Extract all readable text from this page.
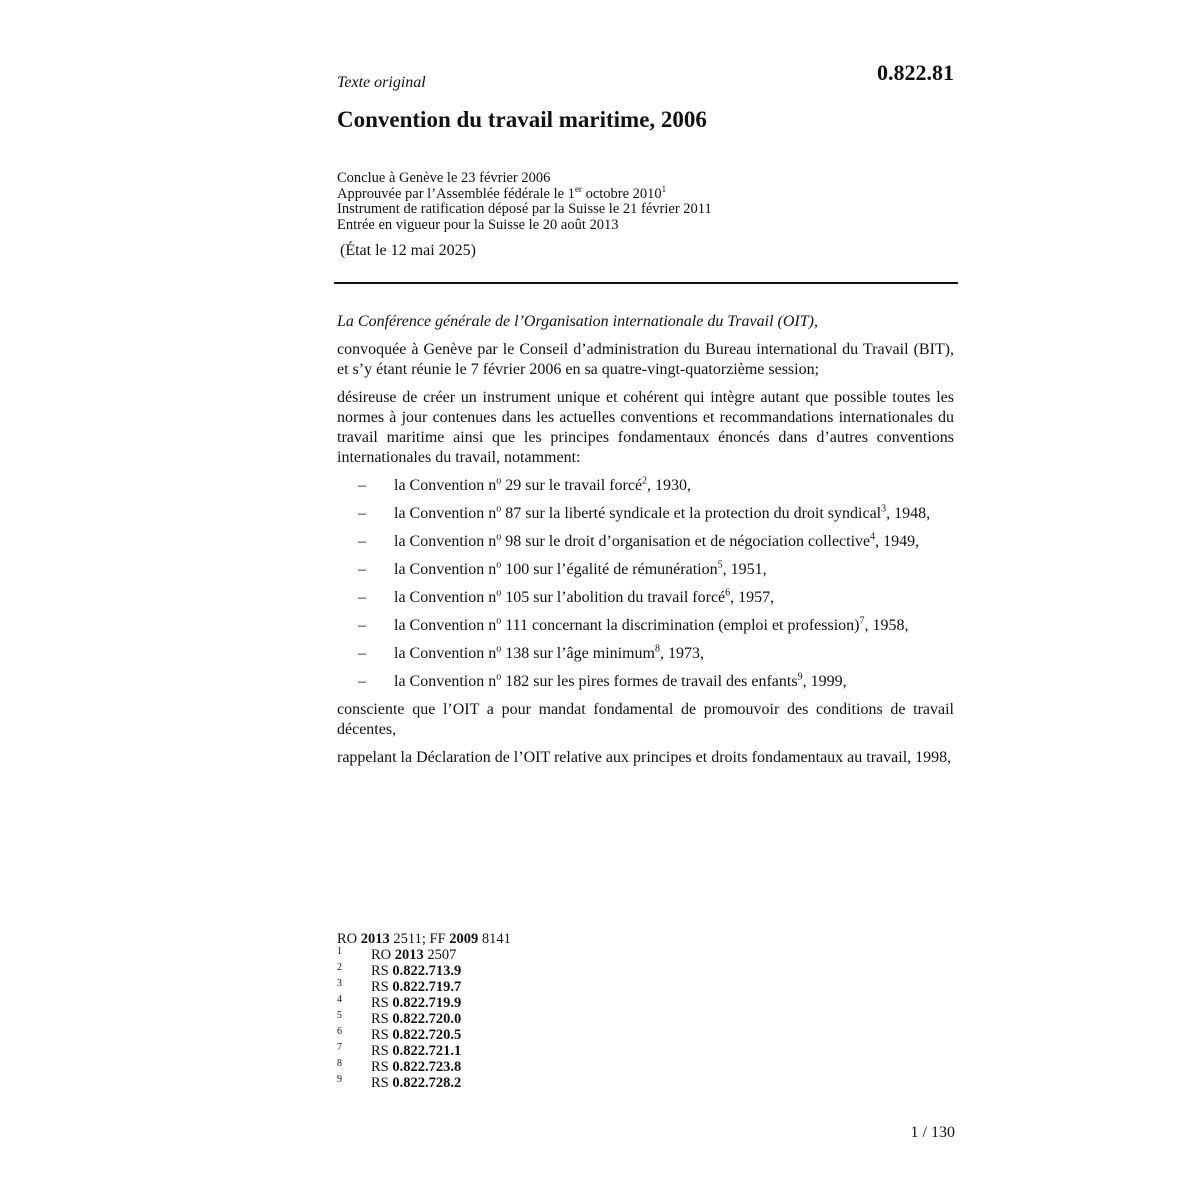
Texte original	0.822.81
Convention du travail maritime, 2006
Conclue à Genève le 23 février 2006
Approuvée par l’Assemblée fédérale le 1er octobre 2010$^1$
Instrument de ratification déposé par la Suisse le 21 février 2011
Entrée en vigueur pour la Suisse le 20 août 2013
(État le 12 mai 2025)

La Conférence générale de l’Organisation internationale du Travail (OIT),

convoquée à Genève par le Conseil d’administration du Bureau international du Travail (BIT), et s’y étant réunie le 7 février 2006 en sa quatre-vingt-quatorzième session;

désireuse de créer un instrument unique et cohérent qui intègre autant que possible toutes les normes à jour contenues dans les actuelles conventions et recommandations internationales du travail maritime ainsi que les principes fondamentaux énoncés dans d’autres conventions internationales du travail, notamment:

– la Convention $n^o$ 29 sur le travail forcé$^2$, 1930,
– la Convention $n^o$ 87 sur la liberté syndicale et la protection du droit syndical$^3$, 1948,
– la Convention $n^o$ 98 sur le droit d’organisation et de négociation collective$^4$, 1949,
– la Convention $n^o$ 100 sur l’égalité de rémunération$^5$, 1951,
– la Convention $n^o$ 105 sur l’abolition du travail forcé$^6$, 1957,
– la Convention $n^o$ 111 concernant la discrimination (emploi et profession)$^7$, 1958,
– la Convention $n^o$ 138 sur l’âge minimum$^8$, 1973,
– la Convention $n^o$ 182 sur les pires formes de travail des enfants$^9$, 1999,

consciente que l’OIT a pour mandat fondamental de promouvoir des conditions de travail décentes,

rappelant la Déclaration de l’OIT relative aux principes et droits fondamentaux au travail, 1998,

RO 2013 2511; FF 2009 8141
1 RO 2013 2507
2 RS 0.822.713.9
3 RS 0.822.719.7
4 RS 0.822.719.9
5 RS 0.822.720.0
6 RS 0.822.720.5
7 RS 0.822.721.1
8 RS 0.822.723.8
9 RS 0.822.728.2
1 / 130
